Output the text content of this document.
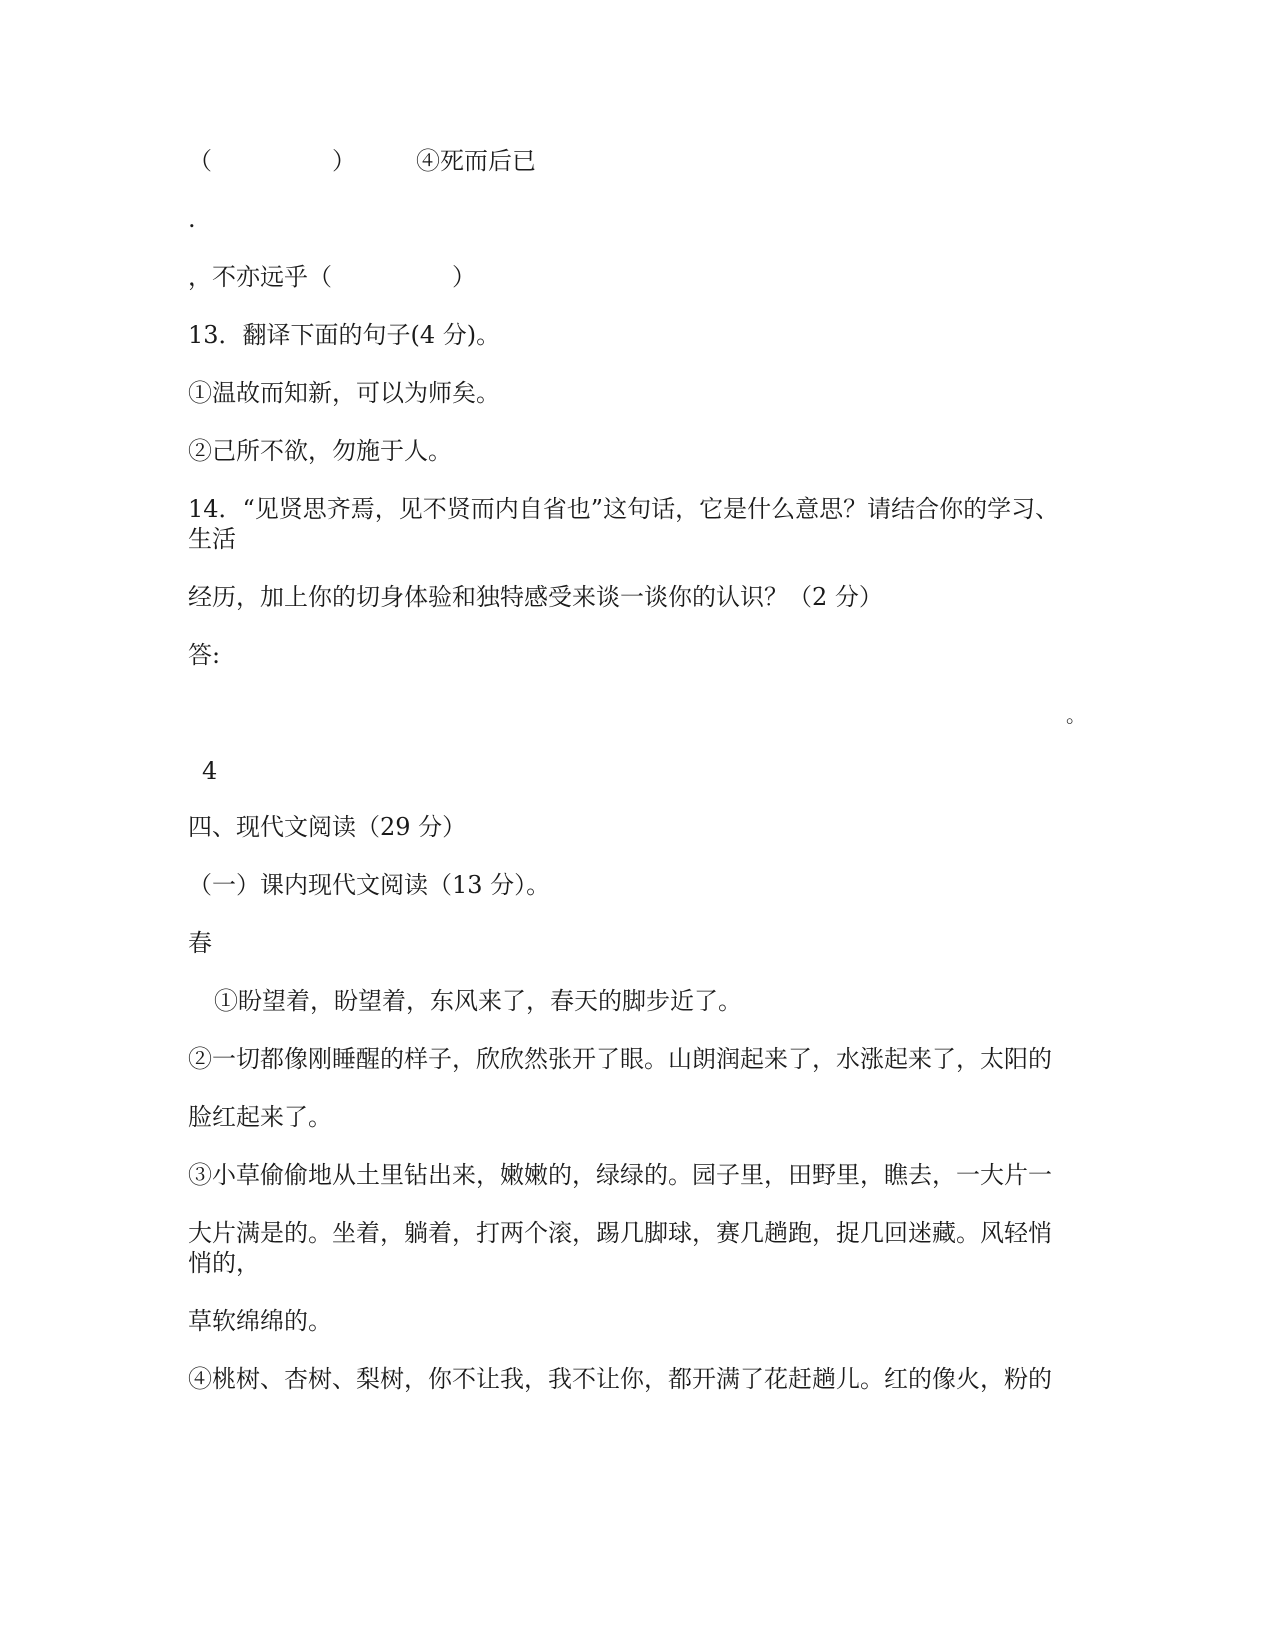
（　　　　　）	④死而后已
.
，不亦远乎（　　　　　）
13．翻译下面的句子(4 分)。
①温故而知新，可以为师矣。
②己所不欲，勿施于人。
14．“见贤思齐焉，见不贤而内自省也”这句话，它是什么意思？请结合你的学习、
生活
经历，加上你的切身体验和独特感受来谈一谈你的认识？（2 分）
答:
。
4
四、现代文阅读（29 分）
（一）课内现代文阅读（13 分）。
春
①盼望着，盼望着，东风来了，春天的脚步近了。
②一切都像刚睡醒的样子，欣欣然张开了眼。山朗润起来了，水涨起来了，太阳的
脸红起来了。
③小草偷偷地从土里钻出来，嫩嫩的，绿绿的。园子里，田野里，瞧去，一大片一
大片满是的。坐着，躺着，打两个滚，踢几脚球，赛几趟跑，捉几回迷藏。风轻悄
悄的，
草软绵绵的。
④桃树、杏树、梨树，你不让我，我不让你，都开满了花赶趟儿。红的像火，粉的
